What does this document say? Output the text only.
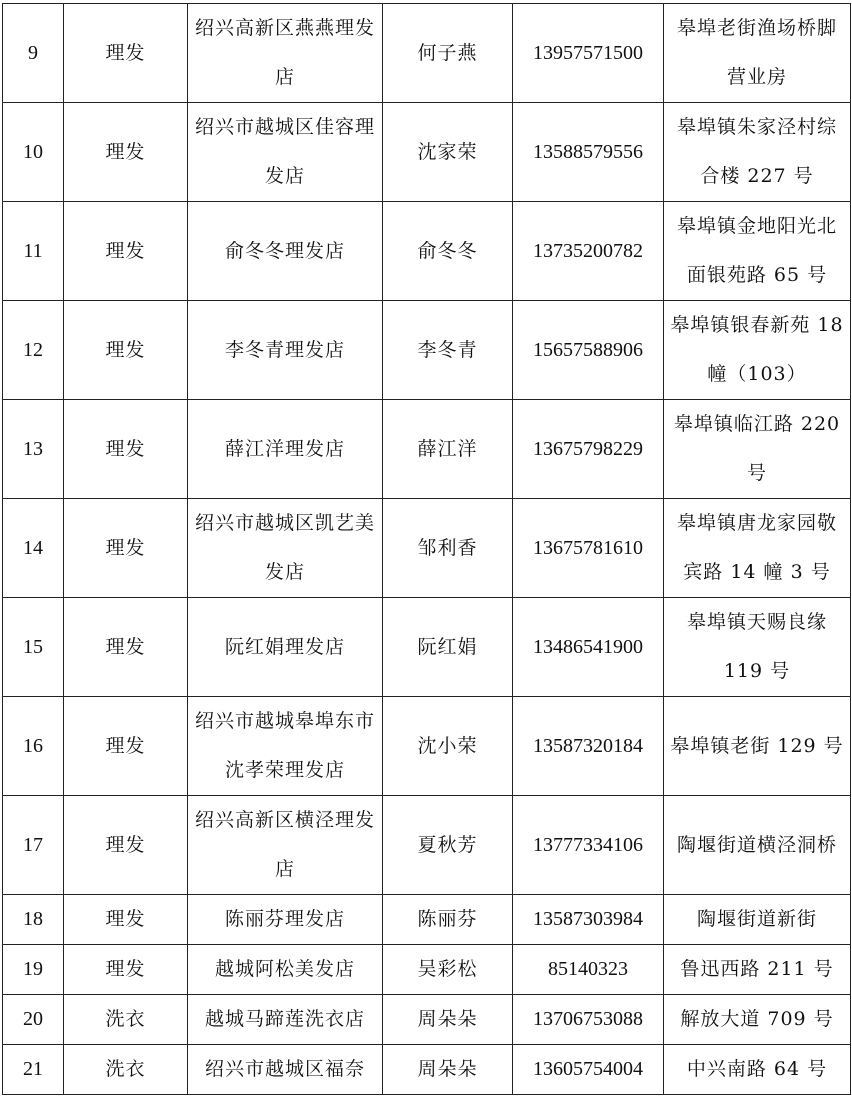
9	理发	绍兴高新区燕燕理发店	何子燕	13957571500	皋埠老街渔场桥脚营业房
10	理发	绍兴市越城区佳容理发店	沈家荣	13588579556	皋埠镇朱家泾村综合楼 227 号
11	理发	俞冬冬理发店	俞冬冬	13735200782	皋埠镇金地阳光北面银苑路 65 号
12	理发	李冬青理发店	李冬青	15657588906	皋埠镇银春新苑 18 幢（103）
13	理发	薛江洋理发店	薛江洋	13675798229	皋埠镇临江路 220 号
14	理发	绍兴市越城区凯艺美发店	邹利香	13675781610	皋埠镇唐龙家园敬宾路 14 幢 3 号
15	理发	阮红娟理发店	阮红娟	13486541900	皋埠镇天赐良缘 119 号
16	理发	绍兴市越城皋埠东市沈孝荣理发店	沈小荣	13587320184	皋埠镇老街 129 号
17	理发	绍兴高新区横泾理发店	夏秋芳	13777334106	陶堰街道横泾洞桥
18	理发	陈丽芬理发店	陈丽芬	13587303984	陶堰街道新街
19	理发	越城阿松美发店	吴彩松	85140323	鲁迅西路 211 号
20	洗衣	越城马蹄莲洗衣店	周朵朵	13706753088	解放大道 709 号
21	洗衣	绍兴市越城区福奈	周朵朵	13605754004	中兴南路 64 号
